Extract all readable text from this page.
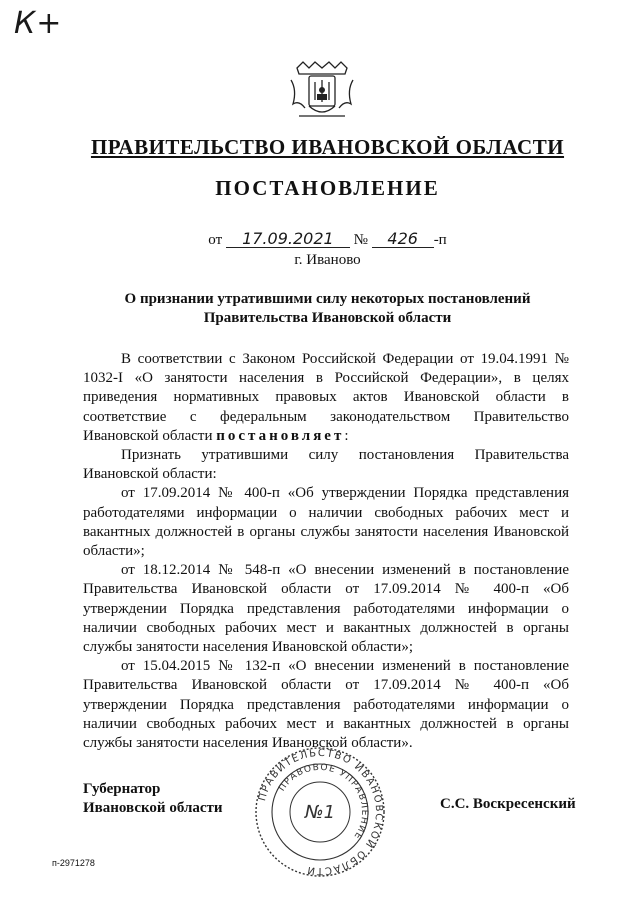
К+
ПРАВИТЕЛЬСТВО ИВАНОВСКОЙ ОБЛАСТИ
ПОСТАНОВЛЕНИЕ
от 17.09.2021 № 426 -п
г. Иваново
О признании утратившими силу некоторых постановлений
Правительства Ивановской области

В соответствии с Законом Российской Федерации от 19.04.1991 № 1032-I «О занятости населения в Российской Федерации», в целях приведения нормативных правовых актов Ивановской области в соответствие с федеральным законодательством Правительство Ивановской области постановляет:

Признать утратившими силу постановления Правительства Ивановской области:

от 17.09.2014 № 400-п «Об утверждении Порядка представления работодателями информации о наличии свободных рабочих мест и вакантных должностей в органы службы занятости населения Ивановской области»;

от 18.12.2014 № 548-п «О внесении изменений в постановление Правительства Ивановской области от 17.09.2014 № 400-п «Об утверждении Порядка представления работодателями информации о наличии свободных рабочих мест и вакантных должностей в органы службы занятости населения Ивановской области»;

от 15.04.2015 № 132-п «О внесении изменений в постановление Правительства Ивановской области от 17.09.2014 № 400-п «Об утверждении Порядка представления работодателями информации о наличии свободных рабочих мест и вакантных должностей в органы службы занятости населения Ивановской области».

Губернатор
Ивановской области
ПРАВИТЕЛЬСТВО ИВАНОВСКОЙ ОБЛАСТИ
ПРАВОВОЕ УПРАВЛЕНИЕ
№1	С.С. Воскресенский
п-2971278
